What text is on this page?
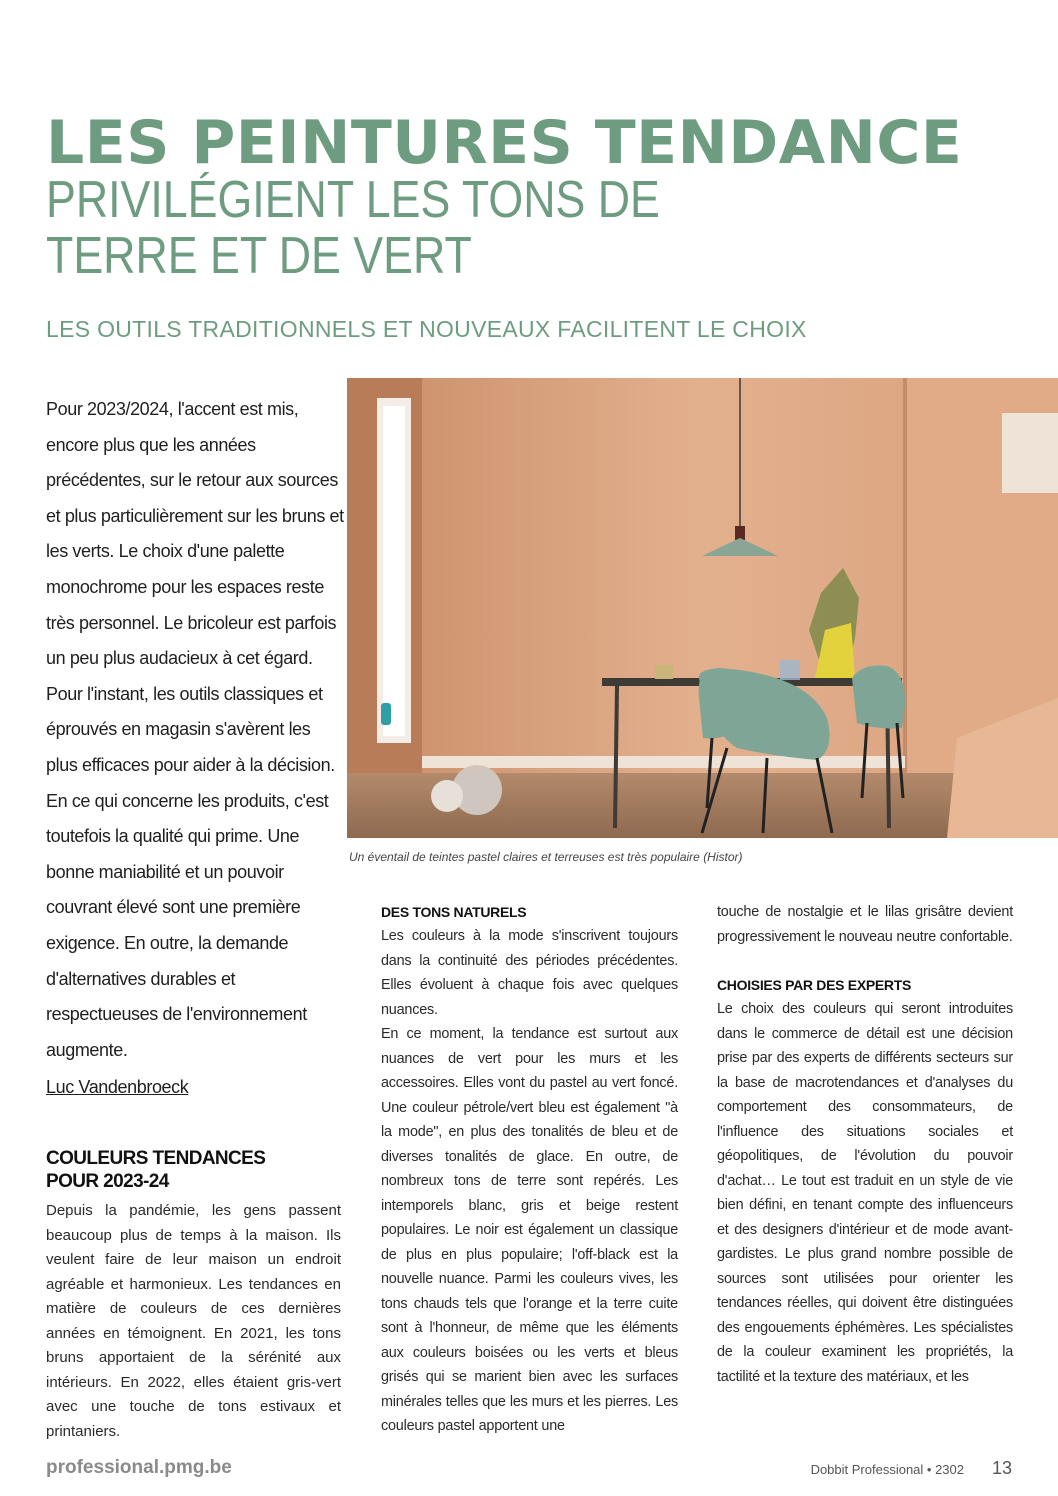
LES PEINTURES TENDANCE
PRIVILÉGIENT LES TONS DE TERRE ET DE VERT

LES OUTILS TRADITIONNELS ET NOUVEAUX FACILITENT LE CHOIX

Pour 2023/2024, l'accent est mis, encore plus que les années précédentes, sur le retour aux sources et plus particulièrement sur les bruns et les verts. Le choix d'une palette monochrome pour les espaces reste très personnel. Le bricoleur est parfois un peu plus audacieux à cet égard. Pour l'instant, les outils classiques et éprouvés en magasin s'avèrent les plus efficaces pour aider à la décision. En ce qui concerne les produits, c'est toutefois la qualité qui prime. Une bonne maniabilité et un pouvoir couvrant élevé sont une première exigence. En outre, la demande d'alternatives durables et respectueuses de l'environnement augmente.

Luc Vandenbroeck

COULEURS TENDANCES POUR 2023-24

Depuis la pandémie, les gens passent beaucoup plus de temps à la maison. Ils veulent faire de leur maison un endroit agréable et harmonieux. Les tendances en matière de couleurs de ces dernières années en témoignent. En 2021, les tons bruns apportaient de la sérénité aux intérieurs. En 2022, elles étaient gris-vert avec une touche de tons estivaux et printaniers.

Un éventail de teintes pastel claires et terreuses est très populaire (Histor)

DES TONS NATURELS

Les couleurs à la mode s'inscrivent toujours dans la continuité des périodes précédentes. Elles évoluent à chaque fois avec quelques nuances.

En ce moment, la tendance est surtout aux nuances de vert pour les murs et les accessoires. Elles vont du pastel au vert foncé. Une couleur pétrole/vert bleu est également "à la mode", en plus des tonalités de bleu et de diverses tonalités de glace. En outre, de nombreux tons de terre sont repérés. Les intemporels blanc, gris et beige restent populaires. Le noir est également un classique de plus en plus populaire; l'off-black est la nouvelle nuance. Parmi les couleurs vives, les tons chauds tels que l'orange et la terre cuite sont à l'honneur, de même que les éléments aux couleurs boisées ou les verts et bleus grisés qui se marient bien avec les surfaces minérales telles que les murs et les pierres. Les couleurs pastel apportent une

touche de nostalgie et le lilas grisâtre devient progressivement le nouveau neutre confortable.

CHOISIES PAR DES EXPERTS

Le choix des couleurs qui seront introduites dans le commerce de détail est une décision prise par des experts de différents secteurs sur la base de macrotendances et d'analyses du comportement des consommateurs, de l'influence des situations sociales et géopolitiques, de l'évolution du pouvoir d'achat… Le tout est traduit en un style de vie bien défini, en tenant compte des influenceurs et des designers d'intérieur et de mode avant-gardistes. Le plus grand nombre possible de sources sont utilisées pour orienter les tendances réelles, qui doivent être distinguées des engouements éphémères. Les spécialistes de la couleur examinent les propriétés, la tactilité et la texture des matériaux, et les

professional.pmg.be	Dobbit Professional • 2302 13
